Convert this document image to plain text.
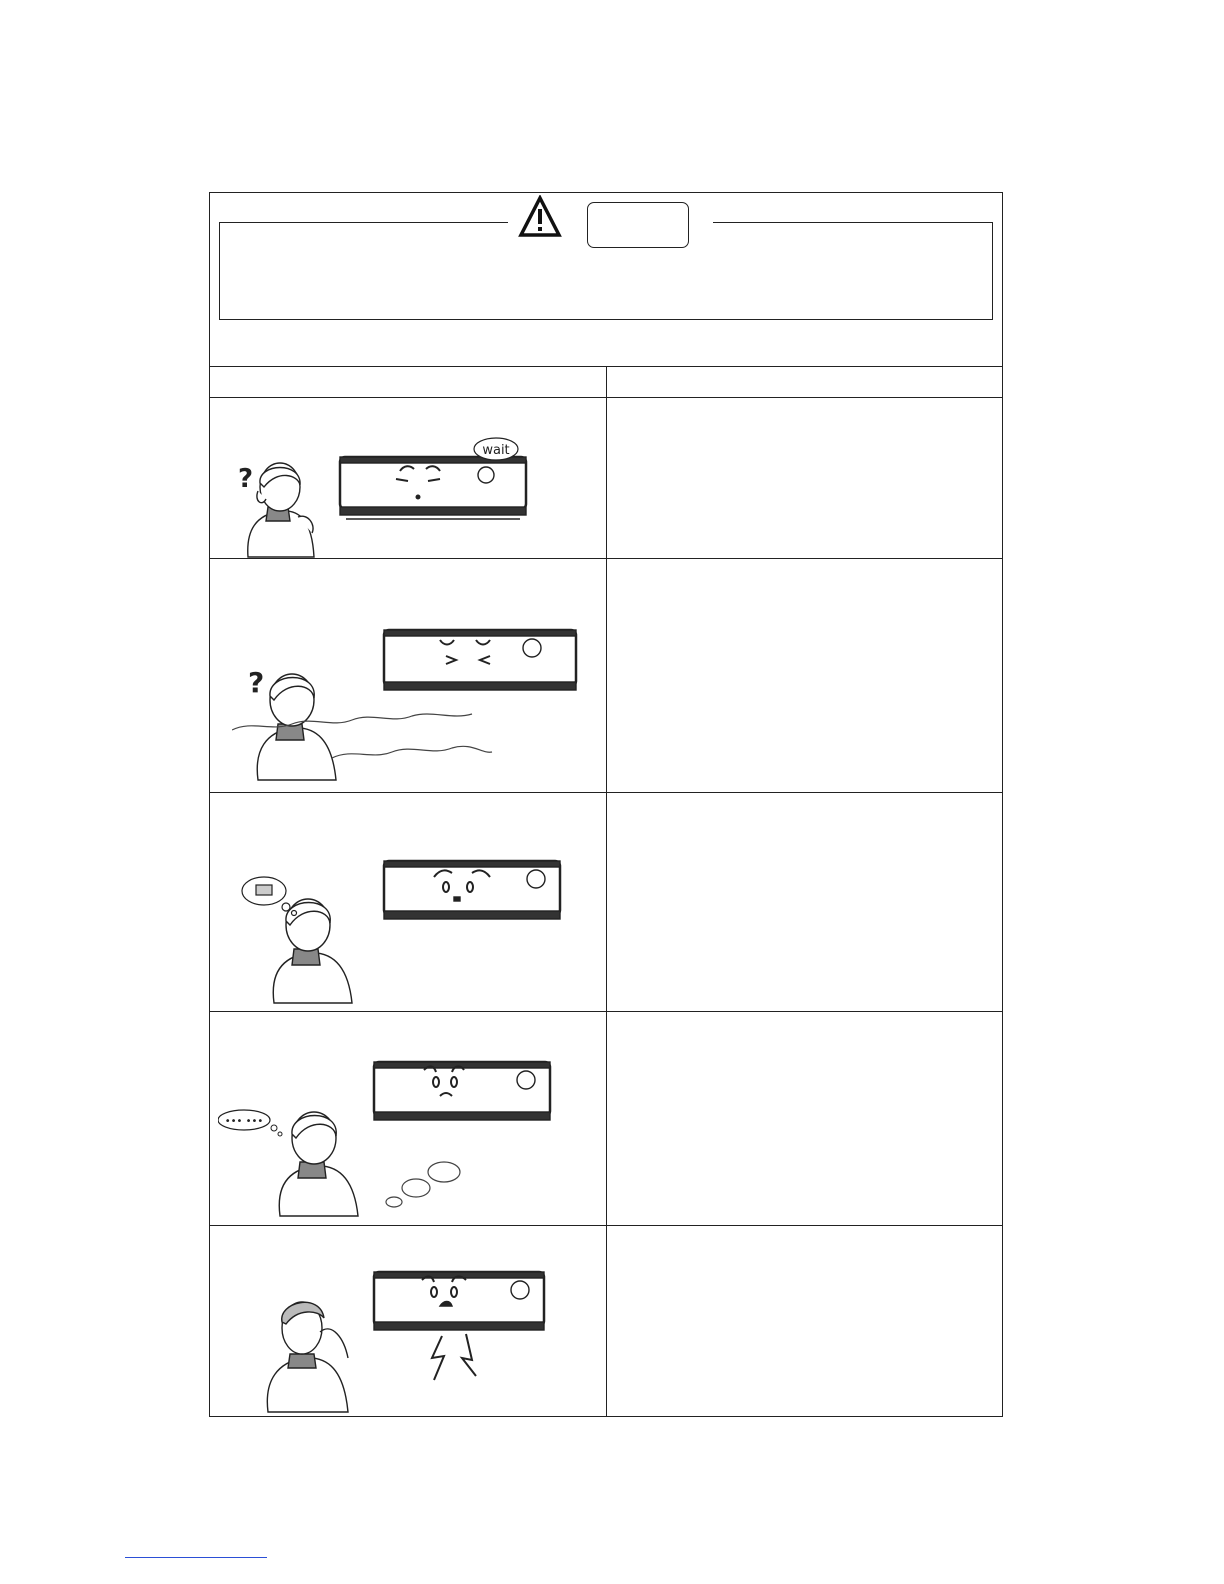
?
wait
?
••• •••
